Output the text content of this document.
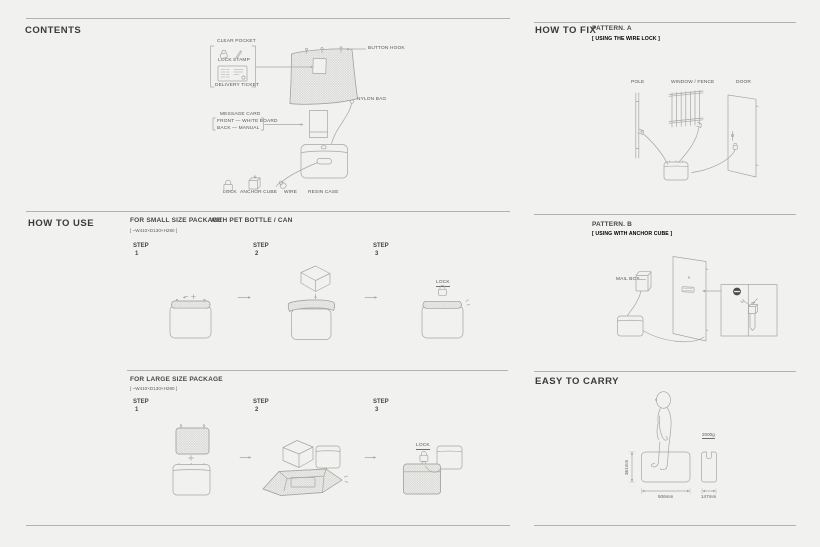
CONTENTS	HOW TO FIX
HOW TO USE
EASY TO CARRY
PATTERN. A
[ USING THE WIRE LOCK ]
POLE	WINDOW / FENCE	DOOR
PATTERN. B
[ USING WITH ANCHOR CUBE ]
MAIL BOX
CLEAR POCKET
LOCK STAMP
DELIVERY TICKET
BUTTON HOOK
NYLON BAG
MESSAGE CARD
FRONT — WHITE BOARD
BACK — MANUAL
LOCK ANCHOR CUBE WIRE RESIN CASE
FOR SMALL SIZE PACKAGE
WITH PET BOTTLE / CAN
[ ~W410×D130×H280 ]
STEP
1
STEP
2
STEP
3
LOCK
FOR LARGE SIZE PACKAGE
[ ~W410×D130×H280 ]
STEP
1
STEP
2
STEP
3
LOCK
2000g
361mm
506mm	147mm
